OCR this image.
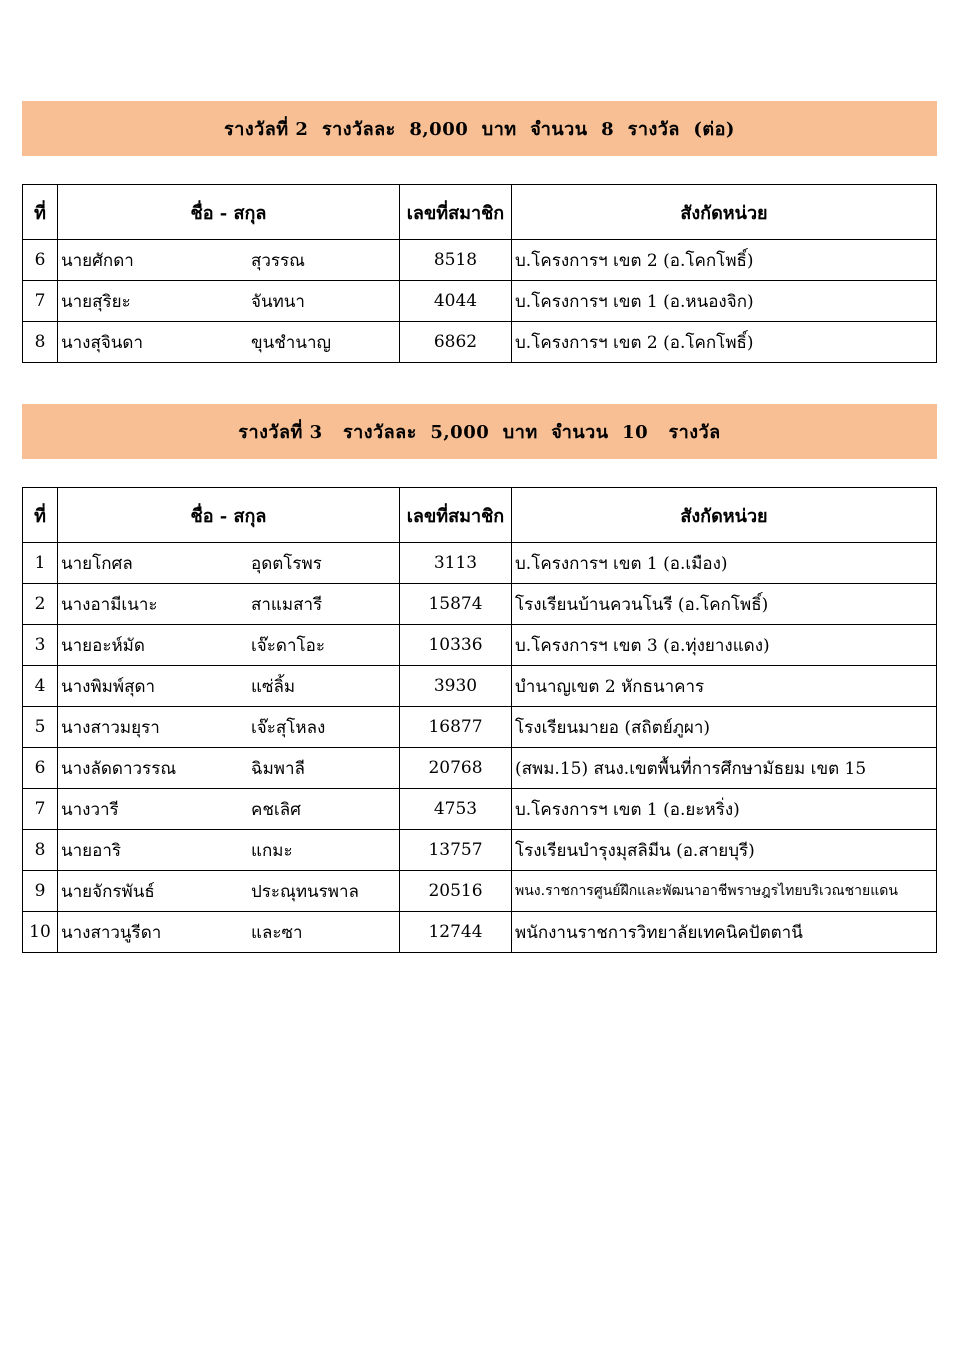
รางวัลที่ 2  รางวัลละ  8,000  บาท  จำนวน  8  รางวัล  (ต่อ)
ที่	ชื่อ - สกุล	เลขที่สมาชิก	สังกัดหน่วย
6	นายศักดา สุวรรณ	8518	บ.โครงการฯ เขต 2 (อ.โคกโพธิ์)
7	นายสุริยะ จันทนา	4044	บ.โครงการฯ เขต 1 (อ.หนองจิก)
8	นางสุจินดา ขุนชำนาญ	6862	บ.โครงการฯ เขต 2 (อ.โคกโพธิ์)
รางวัลที่ 3   รางวัลละ  5,000  บาท  จำนวน  10   รางวัล
ที่	ชื่อ - สกุล	เลขที่สมาชิก	สังกัดหน่วย
1	นายโกศล อุดตโรพร	3113	บ.โครงการฯ เขต 1 (อ.เมือง)
2	นางอามีเนาะ สาแมสารี	15874	โรงเรียนบ้านควนโนรี (อ.โคกโพธิ์)
3	นายอะห์มัด เจ๊ะดาโอะ	10336	บ.โครงการฯ เขต 3 (อ.ทุ่งยางแดง)
4	นางพิมพ์สุดา แซ่ลิ้ม	3930	บำนาญเขต 2 หักธนาคาร
5	นางสาวมยุรา เจ๊ะสุโหลง	16877	โรงเรียนมายอ (สถิตย์ภูผา)
6	นางลัดดาวรรณ ฉิมพาลี	20768	(สพม.15) สนง.เขตพื้นที่การศึกษามัธยม เขต 15
7	นางวารี คชเลิศ	4753	บ.โครงการฯ เขต 1 (อ.ยะหริ่ง)
8	นายอาริ แกมะ	13757	โรงเรียนบำรุงมุสลิมีน (อ.สายบุรี)
9	นายจักรพันธ์ ประณุทนรพาล	20516	พนง.ราชการศูนย์ฝึกและพัฒนาอาชีพราษฎรไทยบริเวณชายแดน
10	นางสาวนูรีดา และซา	12744	พนักงานราชการวิทยาลัยเทคนิคปัตตานี
